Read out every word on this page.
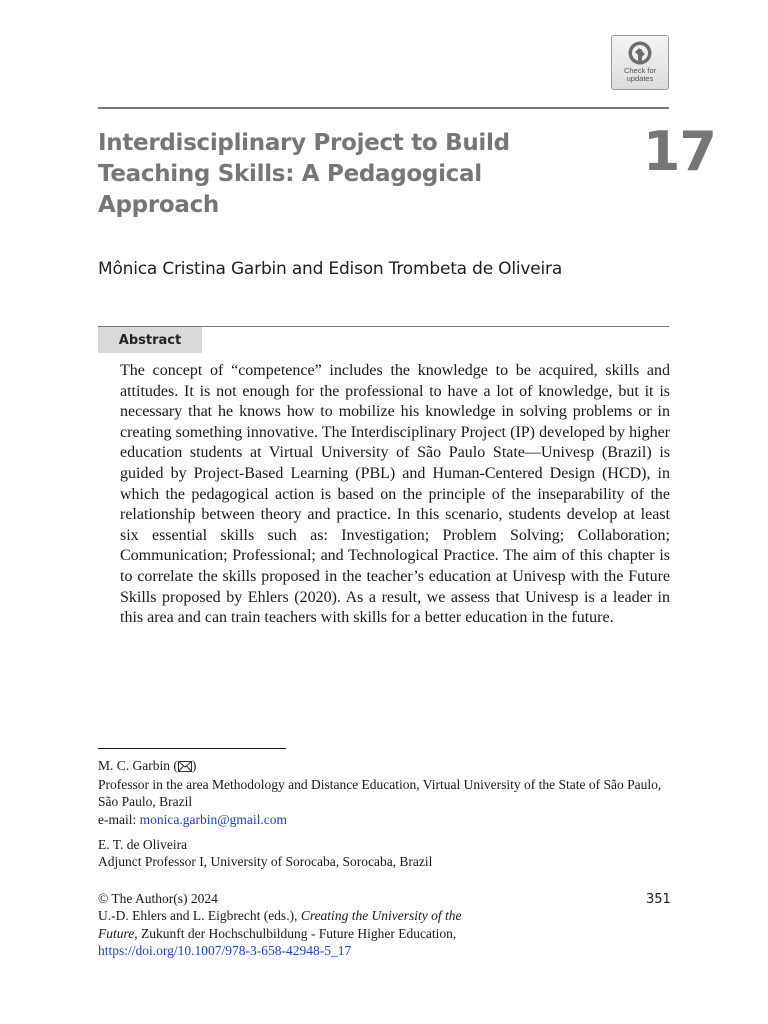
Check for
updates
Interdisciplinary Project to Build
Teaching Skills: A Pedagogical
Approach
17
Mônica Cristina Garbin and Edison Trombeta de Oliveira
Abstract
The concept of “competence” includes the knowledge to be acquired, skills and attitudes. It is not enough for the professional to have a lot of knowledge, but it is necessary that he knows how to mobilize his knowledge in solving problems or in creating something innovative. The Interdisciplinary Project (IP) developed by higher education students at Virtual University of São Paulo State—Univesp (Brazil) is guided by Project-Based Learning (PBL) and Human-Centered Design (HCD), in which the pedagogical action is based on the principle of the inseparability of the relationship between theory and practice. In this scenario, students develop at least six essential skills such as: Investigation; Problem Solving; Collaboration; Communication; Professional; and Technological Practice. The aim of this chapter is to correlate the skills proposed in the teacher’s education at Univesp with the Future Skills proposed by Ehlers (2020). As a result, we assess that Univesp is a leader in this area and can train teachers with skills for a better education in the future.

M. C. Garbin ( )

Professor in the area Methodology and Distance Education, Virtual University of the State of São Paulo, São Paulo, Brazil

e-mail: monica.garbin@gmail.com

E. T. de Oliveira

Adjunct Professor I, University of Sorocaba, Sorocaba, Brazil

© The Author(s) 2024

U.-D. Ehlers and L. Eigbrecht (eds.), Creating the University of the
Future, Zukunft der Hochschulbildung - Future Higher Education,

https://doi.org/10.1007/978-3-658-42948-5_17

351
